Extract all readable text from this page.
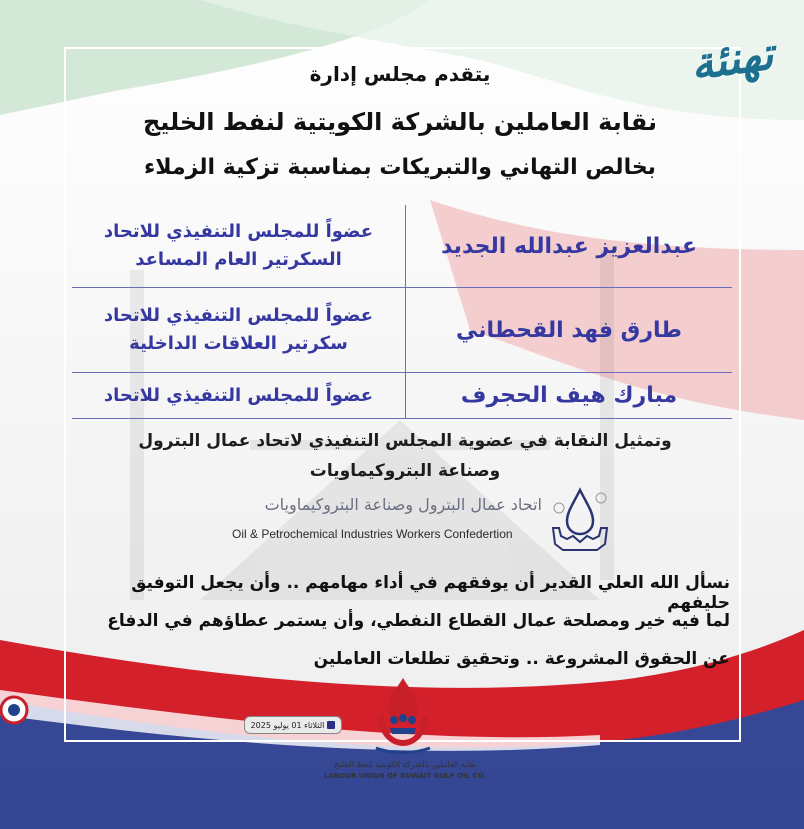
تهنئة
يتقدم مجلس إدارة
نقابة العاملين بالشركة الكويتية لنفط الخليج
بخالص التهاني والتبريكات بمناسبة تزكية الزملاء
عبدالعزيز عبدالله الجديد	عضواً للمجلس التنفيذي للاتحاد
السكرتير العام المساعد

طارق فهد القحطاني	عضواً للمجلس التنفيذي للاتحاد
سكرتير العلاقات الداخلية

مبارك هيف الحجرف	عضواً للمجلس التنفيذي للاتحاد
وتمثيل النقابة في عضوية المجلس التنفيذي لاتحاد عمال البترول
وصناعة البتروكيماويات
اتحاد عمال البترول وصناعة البتروكيماويات
Oil & Petrochemical Industries Workers Confedertion
نسأل الله العلي القدير أن يوفقهم في أداء مهامهم .. وأن يجعل التوفيق حليفهم
لما فيه خير ومصلحة عمال القطاع النفطي، وأن يستمر عطاؤهم في الدفاع
عن الحقوق المشروعة .. وتحقيق تطلعات العاملين
الثلاثاء 01 يوليو 2025
نقابة العاملين بالشركة الكويتية لنفط الخليج
LABOUR UNION OF KUWAIT GULF OIL CO.
